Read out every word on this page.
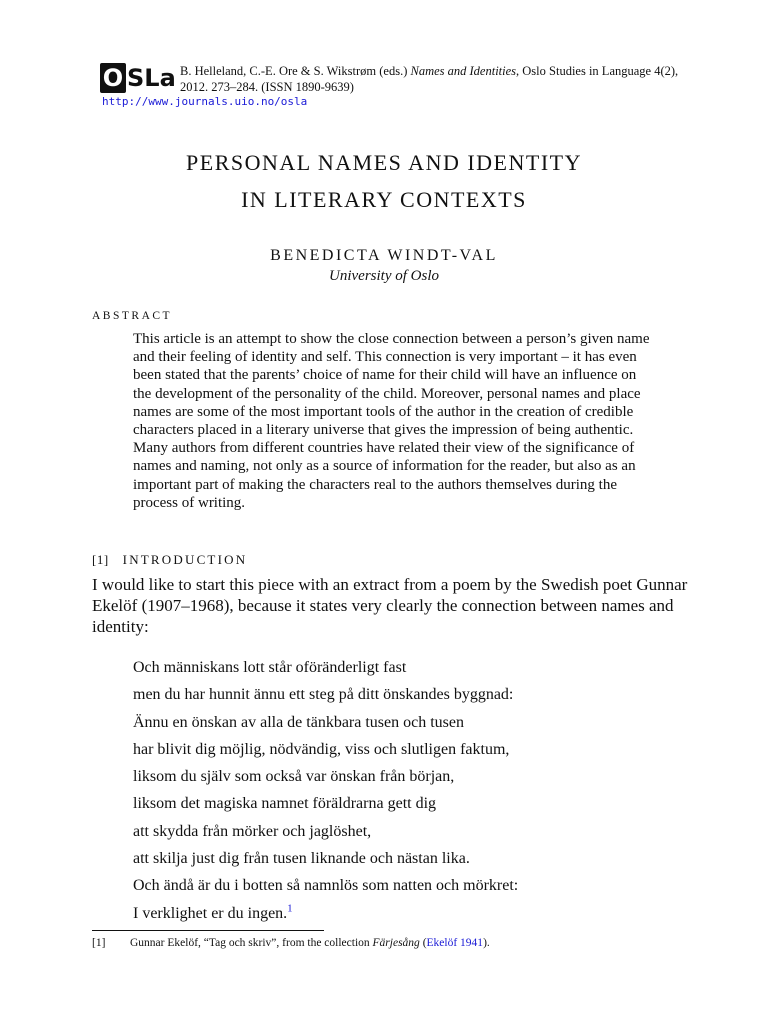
O SLa B. Helleland, C.-E. Ore & S. Wikstrøm (eds.) Names and Identities, Oslo Studies in Language 4(2), 2012. 273–284. (ISSN 1890-9639)
http://www.journals.uio.no/osla
PERSONAL NAMES AND IDENTITY
IN LITERARY CONTEXTS
BENEDICTA WINDT-VAL
University of Oslo
ABSTRACT
This article is an attempt to show the close connection between a person’s given name and their feeling of identity and self. This connection is very important – it has even been stated that the parents’ choice of name for their child will have an influence on the development of the personality of the child. Moreover, personal names and place names are some of the most important tools of the author in the creation of credible characters placed in a literary universe that gives the impression of being authentic. Many authors from different countries have related their view of the significance of names and naming, not only as a source of information for the reader, but also as an important part of making the characters real to the authors themselves during the process of writing.
[1] INTRODUCTION
I would like to start this piece with an extract from a poem by the Swedish poet Gunnar Ekelöf (1907–1968), because it states very clearly the connection between names and identity:
Och människans lott står oföränderligt fast
men du har hunnit ännu ett steg på ditt önskandes byggnad:
Ännu en önskan av alla de tänkbara tusen och tusen
har blivit dig möjlig, nödvändig, viss och slutligen faktum,
liksom du själv som också var önskan från början,
liksom det magiska namnet föräldrarna gett dig
att skydda från mörker och jaglöshet,
att skilja just dig från tusen liknande och nästan lika.
Och ändå är du i botten så namnlös som natten och mörkret:
I verklighet er du ingen.$^1$
[1] Gunnar Ekelöf, “Tag och skriv”, from the collection Färjesång (Ekelöf 1941).
